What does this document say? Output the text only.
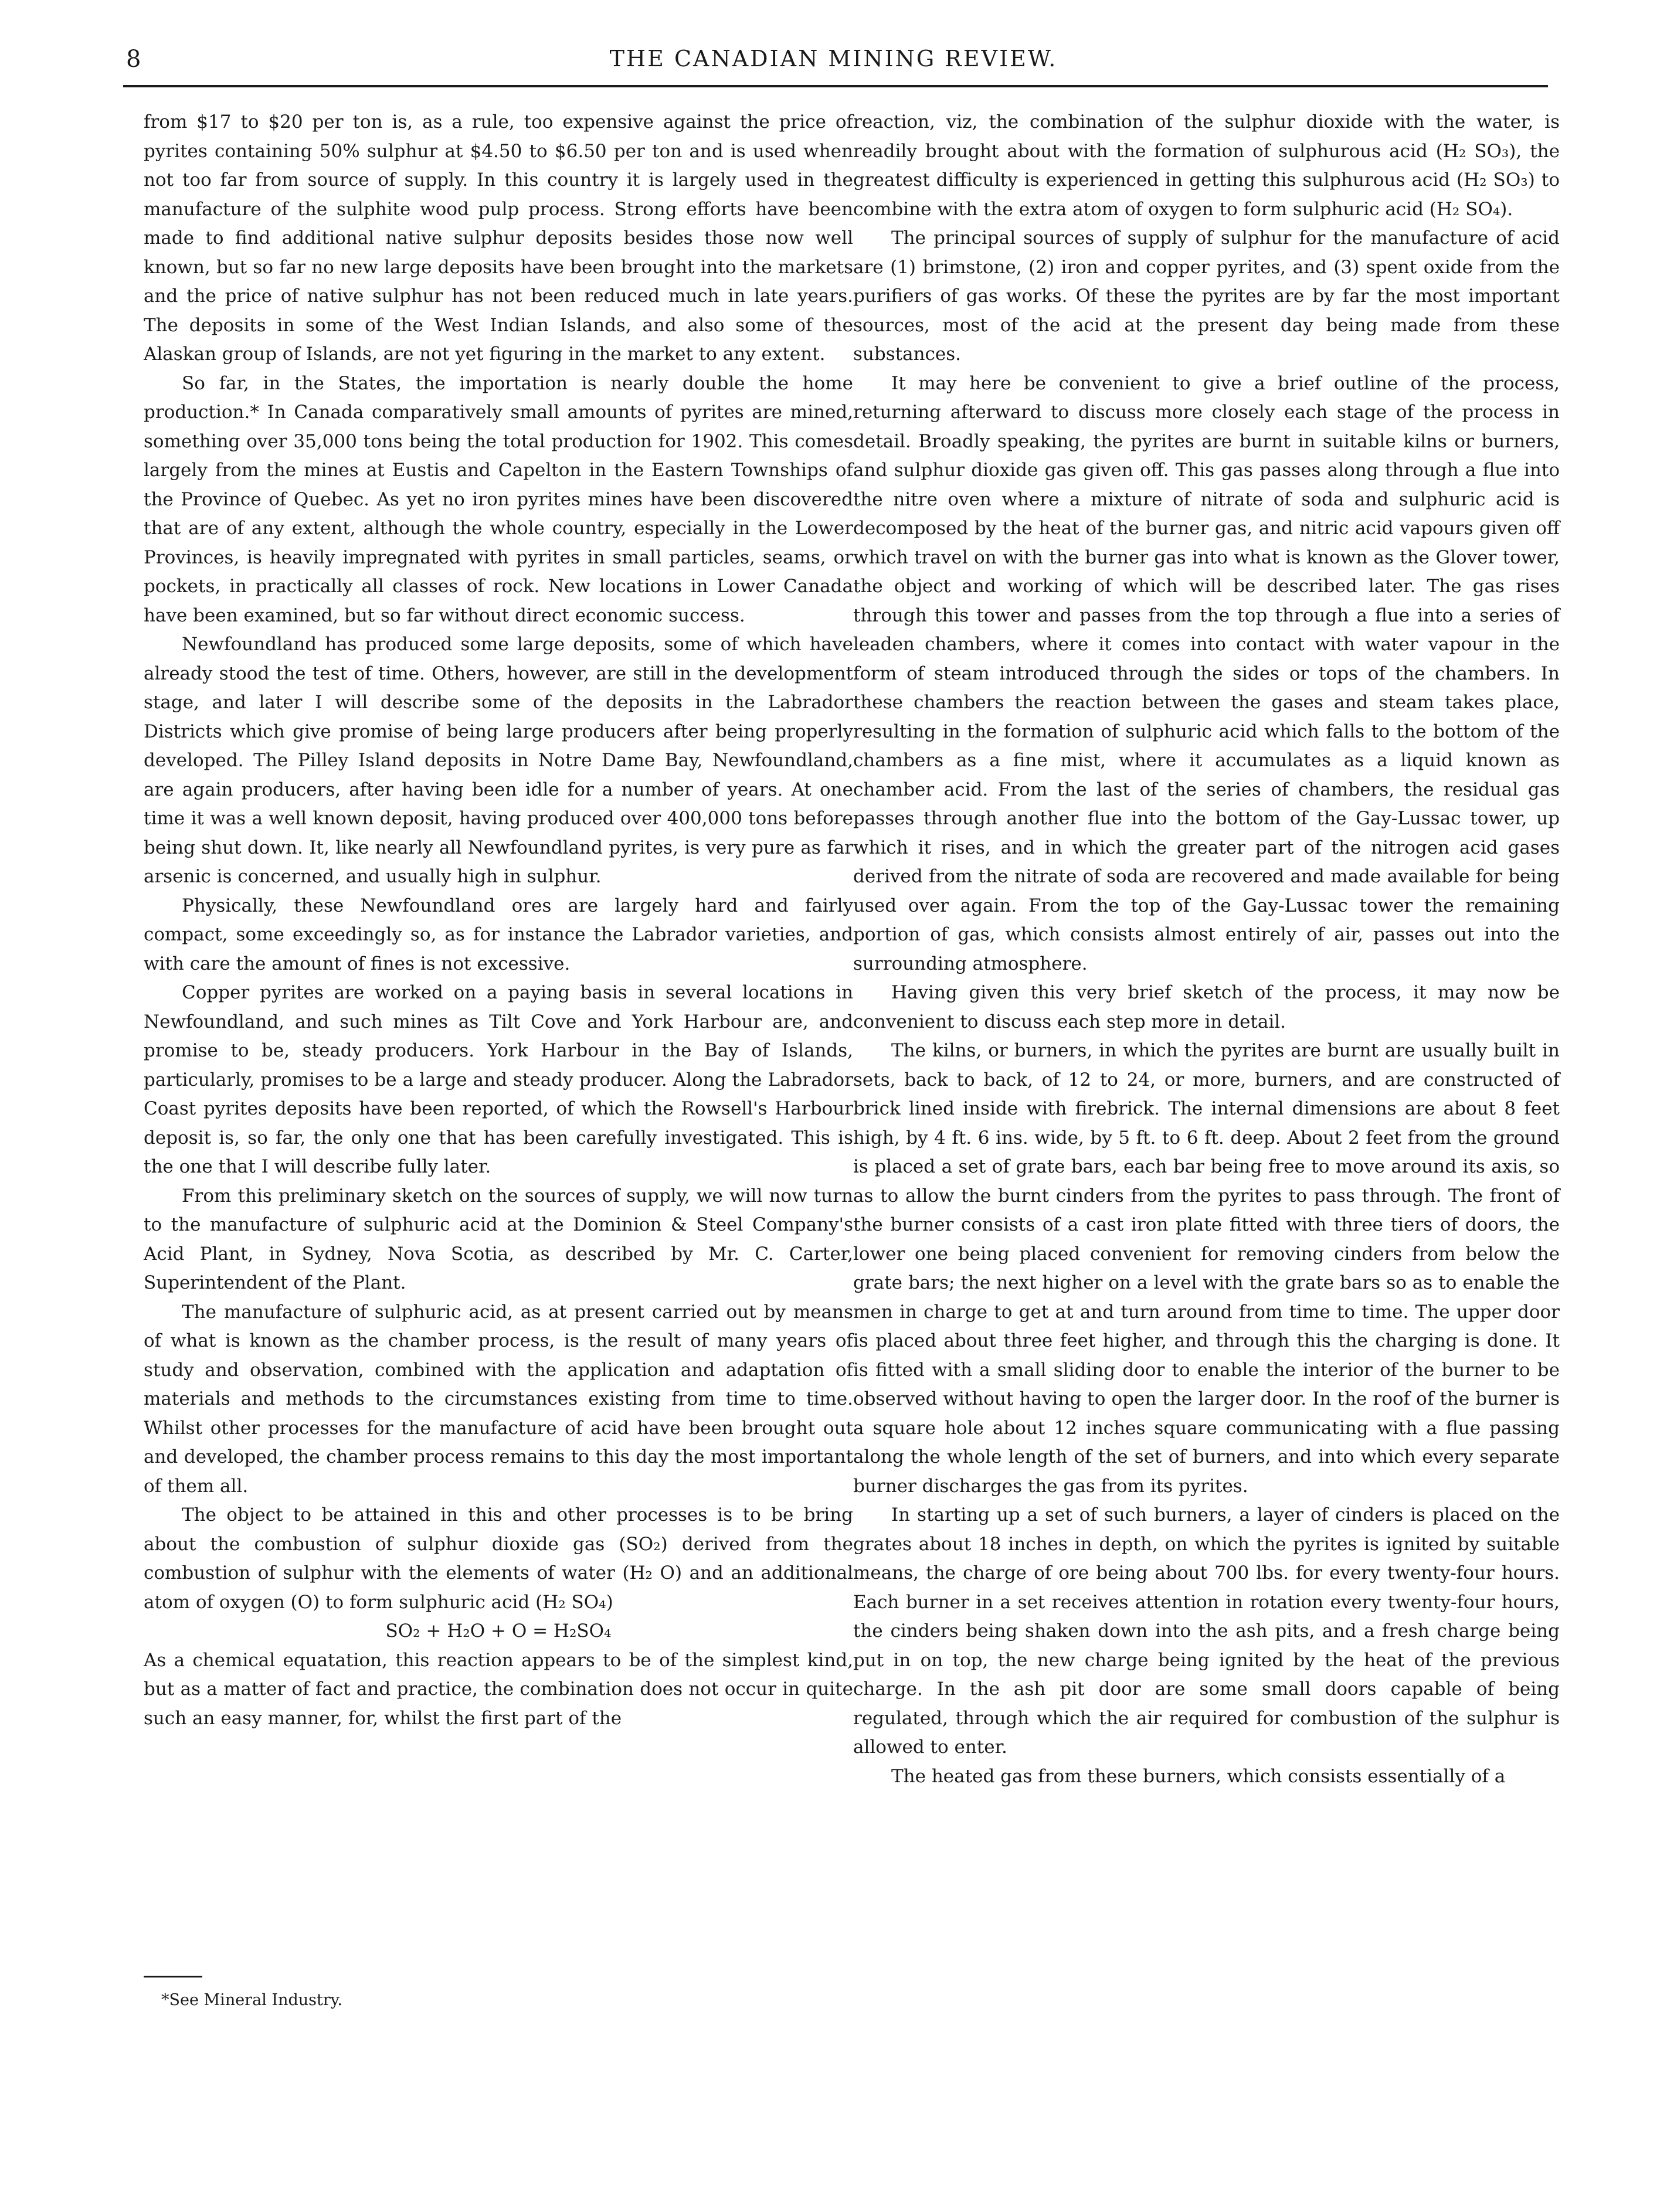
8	THE CANADIAN MINING REVIEW.

from $17 to $20 per ton is, as a rule, too expensive against the price of pyrites containing 50% sulphur at $4.50 to $6.50 per ton and is used when not too far from source of supply. In this country it is largely used in the manufacture of the sulphite wood pulp process. Strong efforts have been made to find additional native sulphur deposits besides those now well known, but so far no new large deposits have been brought into the markets and the price of native sulphur has not been reduced much in late years. The deposits in some of the West Indian Islands, and also some of the Alaskan group of Islands, are not yet figuring in the market to any extent.

So far, in the States, the importation is nearly double the home production.* In Canada comparatively small amounts of pyrites are mined, something over 35,000 tons being the total production for 1902. This comes largely from the mines at Eustis and Capelton in the Eastern Townships of the Province of Quebec. As yet no iron pyrites mines have been discovered that are of any extent, although the whole country, especially in the Lower Provinces, is heavily impregnated with pyrites in small particles, seams, or pockets, in practically all classes of rock. New locations in Lower Canada have been examined, but so far without direct economic success.

Newfoundland has produced some large deposits, some of which have already stood the test of time. Others, however, are still in the development stage, and later I will describe some of the deposits in the Labrador Districts which give promise of being large producers after being properly developed. The Pilley Island deposits in Notre Dame Bay, Newfoundland, are again producers, after having been idle for a number of years. At one time it was a well known deposit, having produced over 400,000 tons before being shut down. It, like nearly all Newfoundland pyrites, is very pure as far arsenic is concerned, and usually high in sulphur.

Physically, these Newfoundland ores are largely hard and fairly compact, some exceedingly so, as for instance the Labrador varieties, and with care the amount of fines is not excessive.

Copper pyrites are worked on a paying basis in several locations in Newfoundland, and such mines as Tilt Cove and York Harbour are, and promise to be, steady producers. York Harbour in the Bay of Islands, particularly, promises to be a large and steady producer. Along the Labrador Coast pyrites deposits have been reported, of which the Rowsell's Harbour deposit is, so far, the only one that has been carefully investigated. This is the one that I will describe fully later.

From this preliminary sketch on the sources of supply, we will now turn to the manufacture of sulphuric acid at the Dominion & Steel Company's Acid Plant, in Sydney, Nova Scotia, as described by Mr. C. Carter, Superintendent of the Plant.

The manufacture of sulphuric acid, as at present carried out by means of what is known as the chamber process, is the result of many years of study and observation, combined with the application and adaptation of materials and methods to the circumstances existing from time to time. Whilst other processes for the manufacture of acid have been brought out and developed, the chamber process remains to this day the most important of them all.

The object to be attained in this and other processes is to be bring about the combustion of sulphur dioxide gas (SO₂) derived from the combustion of sulphur with the elements of water (H₂ O) and an additional atom of oxygen (O) to form sulphuric acid (H₂ SO₄)

SO₂ + H₂O + O = H₂SO₄

As a chemical equatation, this reaction appears to be of the simplest kind, but as a matter of fact and practice, the combination does not occur in quite such an easy manner, for, whilst the first part of the

reaction, viz, the combination of the sulphur dioxide with the water, is readily brought about with the formation of sulphurous acid (H₂ SO₃), the greatest difficulty is experienced in getting this sulphurous acid (H₂ SO₃) to combine with the extra atom of oxygen to form sulphuric acid (H₂ SO₄).

The principal sources of supply of sulphur for the manufacture of acid are (1) brimstone, (2) iron and copper pyrites, and (3) spent oxide from the purifiers of gas works. Of these the pyrites are by far the most important sources, most of the acid at the present day being made from these substances.

It may here be convenient to give a brief outline of the process, returning afterward to discuss more closely each stage of the process in detail. Broadly speaking, the pyrites are burnt in suitable kilns or burners, and sulphur dioxide gas given off. This gas passes along through a flue into the nitre oven where a mixture of nitrate of soda and sulphuric acid is decomposed by the heat of the burner gas, and nitric acid vapours given off which travel on with the burner gas into what is known as the Glover tower, the object and working of which will be described later. The gas rises through this tower and passes from the top through a flue into a series of leaden chambers, where it comes into contact with water vapour in the form of steam introduced through the sides or tops of the chambers. In these chambers the reaction between the gases and steam takes place, resulting in the formation of sulphuric acid which falls to the bottom of the chambers as a fine mist, where it accumulates as a liquid known as chamber acid. From the last of the series of chambers, the residual gas passes through another flue into the bottom of the Gay-Lussac tower, up which it rises, and in which the greater part of the nitrogen acid gases derived from the nitrate of soda are recovered and made available for being used over again. From the top of the Gay-Lussac tower the remaining portion of gas, which consists almost entirely of air, passes out into the surrounding atmosphere.

Having given this very brief sketch of the process, it may now be convenient to discuss each step more in detail.

The kilns, or burners, in which the pyrites are burnt are usually built in sets, back to back, of 12 to 24, or more, burners, and are constructed of brick lined inside with firebrick. The internal dimensions are about 8 feet high, by 4 ft. 6 ins. wide, by 5 ft. to 6 ft. deep. About 2 feet from the ground is placed a set of grate bars, each bar being free to move around its axis, so as to allow the burnt cinders from the pyrites to pass through. The front of the burner consists of a cast iron plate fitted with three tiers of doors, the lower one being placed convenient for removing cinders from below the grate bars; the next higher on a level with the grate bars so as to enable the men in charge to get at and turn around from time to time. The upper door is placed about three feet higher, and through this the charging is done. It is fitted with a small sliding door to enable the interior of the burner to be observed without having to open the larger door. In the roof of the burner is a square hole about 12 inches square communicating with a flue passing along the whole length of the set of burners, and into which every separate burner discharges the gas from its pyrites.

In starting up a set of such burners, a layer of cinders is placed on the grates about 18 inches in depth, on which the pyrites is ignited by suitable means, the charge of ore being about 700 lbs. for every twenty-four hours. Each burner in a set receives attention in rotation every twenty-four hours, the cinders being shaken down into the ash pits, and a fresh charge being put in on top, the new charge being ignited by the heat of the previous charge. In the ash pit door are some small doors capable of being regulated, through which the air required for combustion of the sulphur is allowed to enter.

The heated gas from these burners, which consists essentially of a

*See Mineral Industry.
